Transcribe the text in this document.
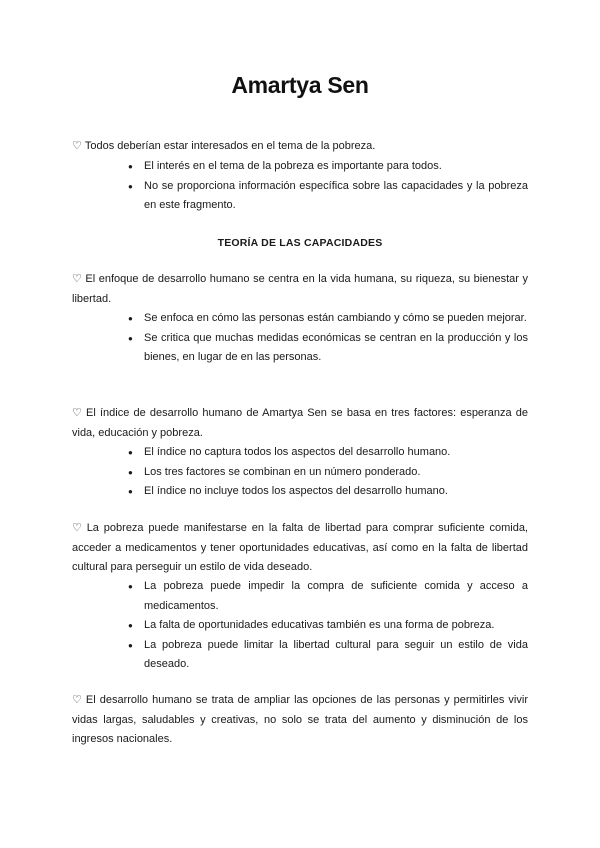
Amartya Sen

♡ Todos deberían estar interesados en el tema de la pobreza.

● El interés en el tema de la pobreza es importante para todos.
● No se proporciona información específica sobre las capacidades y la pobreza en este fragmento.
TEORÍA DE LAS CAPACIDADES

♡ El enfoque de desarrollo humano se centra en la vida humana, su riqueza, su bienestar y libertad.

● Se enfoca en cómo las personas están cambiando y cómo se pueden mejorar.
● Se critica que muchas medidas económicas se centran en la producción y los bienes, en lugar de en las personas.

♡ El índice de desarrollo humano de Amartya Sen se basa en tres factores: esperanza de vida, educación y pobreza.

● El índice no captura todos los aspectos del desarrollo humano.
● Los tres factores se combinan en un número ponderado.
● El índice no incluye todos los aspectos del desarrollo humano.

♡ La pobreza puede manifestarse en la falta de libertad para comprar suficiente comida, acceder a medicamentos y tener oportunidades educativas, así como en la falta de libertad cultural para perseguir un estilo de vida deseado.

● La pobreza puede impedir la compra de suficiente comida y acceso a medicamentos.
● La falta de oportunidades educativas también es una forma de pobreza.
● La pobreza puede limitar la libertad cultural para seguir un estilo de vida deseado.

♡ El desarrollo humano se trata de ampliar las opciones de las personas y permitirles vivir vidas largas, saludables y creativas, no solo se trata del aumento y disminución de los ingresos nacionales.
